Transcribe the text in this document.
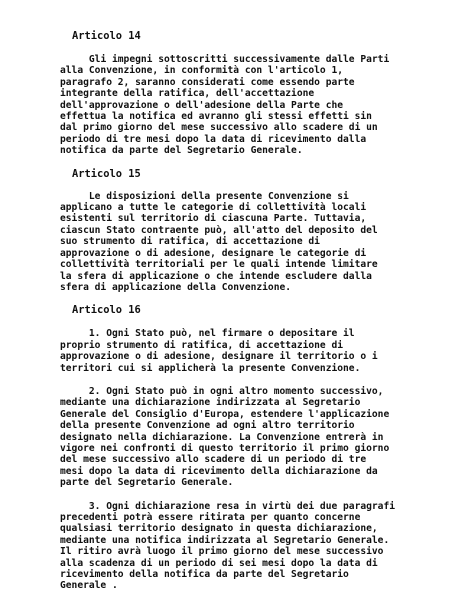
Articolo 14
Gli impegni sottoscritti successivamente dalle Parti
alla Convenzione, in conformità con l'articolo 1,
paragrafo 2, saranno considerati come essendo parte
integrante della ratifica, dell'accettazione
dell'approvazione o dell'adesione della Parte che
effettua la notifica ed avranno gli stessi effetti sin
dal primo giorno del mese successivo allo scadere di un
periodo di tre mesi dopo la data di ricevimento dalla
notifica da parte del Segretario Generale.
Articolo 15
Le disposizioni della presente Convenzione si
applicano a tutte le categorie di collettività locali
esistenti sul territorio di ciascuna Parte. Tuttavia,
ciascun Stato contraente può, all'atto del deposito del
suo strumento di ratifica, di accettazione di
approvazione o di adesione, designare le categorie di
collettività territoriali per le quali intende limitare
la sfera di applicazione o che intende escludere dalla
sfera di applicazione della Convenzione.
Articolo 16
1. Ogni Stato può, nel firmare o depositare il
proprio strumento di ratifica, di accettazione di
approvazione o di adesione, designare il territorio o i
territori cui si applicherà la presente Convenzione.
2. Ogni Stato può in ogni altro momento successivo,
mediante una dichiarazione indirizzata al Segretario
Generale del Consiglio d'Europa, estendere l'applicazione
della presente Convenzione ad ogni altro territorio
designato nella dichiarazione. La Convenzione entrerà in
vigore nei confronti di questo territorio il primo giorno
del mese successivo allo scadere di un periodo di tre
mesi dopo la data di ricevimento della dichiarazione da
parte del Segretario Generale.
3. Ogni dichiarazione resa in virtù dei due paragrafi
precedenti potrà essere ritirata per quanto concerne
qualsiasi territorio designato in questa dichiarazione,
mediante una notifica indirizzata al Segretario Generale.
Il ritiro avrà luogo il primo giorno del mese successivo
alla scadenza di un periodo di sei mesi dopo la data di
ricevimento della notifica da parte del Segretario
Generale .
